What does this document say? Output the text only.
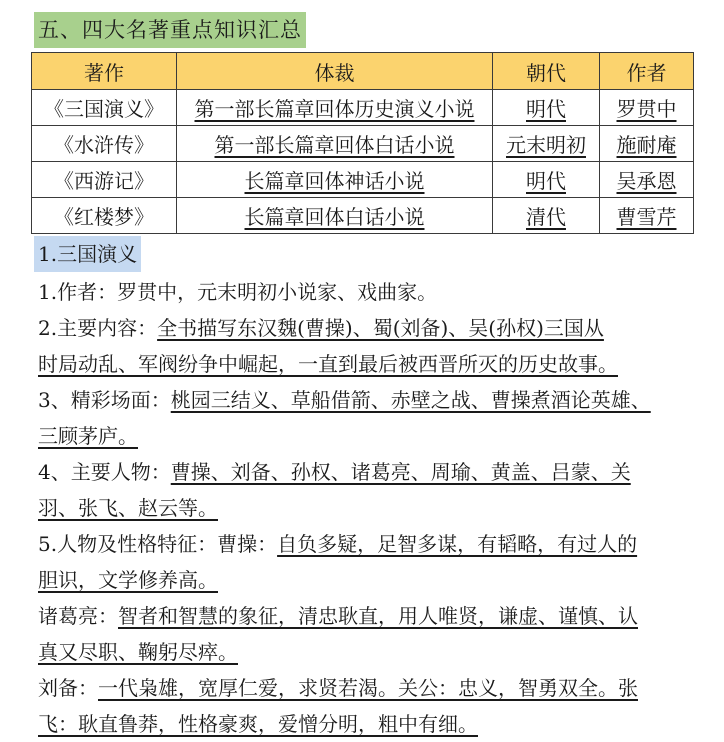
五、四大名著重点知识汇总
著作	体裁	朝代	作者
《三国演义》	第一部长篇章回体历史演义小说	明代	罗贯中
《水浒传》	第一部长篇章回体白话小说	元末明初	施耐庵
《西游记》	长篇章回体神话小说	明代	吴承恩
《红楼梦》	长篇章回体白话小说	清代	曹雪芹
1.三国演义
1.作者：罗贯中，元末明初小说家、戏曲家。
2.主要内容：全书描写东汉魏(曹操)、蜀(刘备)、吴(孙权)三国从
时局动乱、军阀纷争中崛起，一直到最后被西晋所灭的历史故事。
3、精彩场面：桃园三结义、草船借箭、赤壁之战、曹操煮酒论英雄、
三顾茅庐。
4、主要人物：曹操、刘备、孙权、诸葛亮、周瑜、黄盖、吕蒙、关
羽、张飞、赵云等。
5.人物及性格特征：曹操：自负多疑，足智多谋，有韬略，有过人的
胆识，文学修养高。
诸葛亮：智者和智慧的象征，清忠耿直，用人唯贤，谦虚、谨慎、认
真又尽职、鞠躬尽瘁。
刘备：一代枭雄，宽厚仁爱，求贤若渴。关公：忠义，智勇双全。张
飞：耿直鲁莽，性格豪爽，爱憎分明，粗中有细。
